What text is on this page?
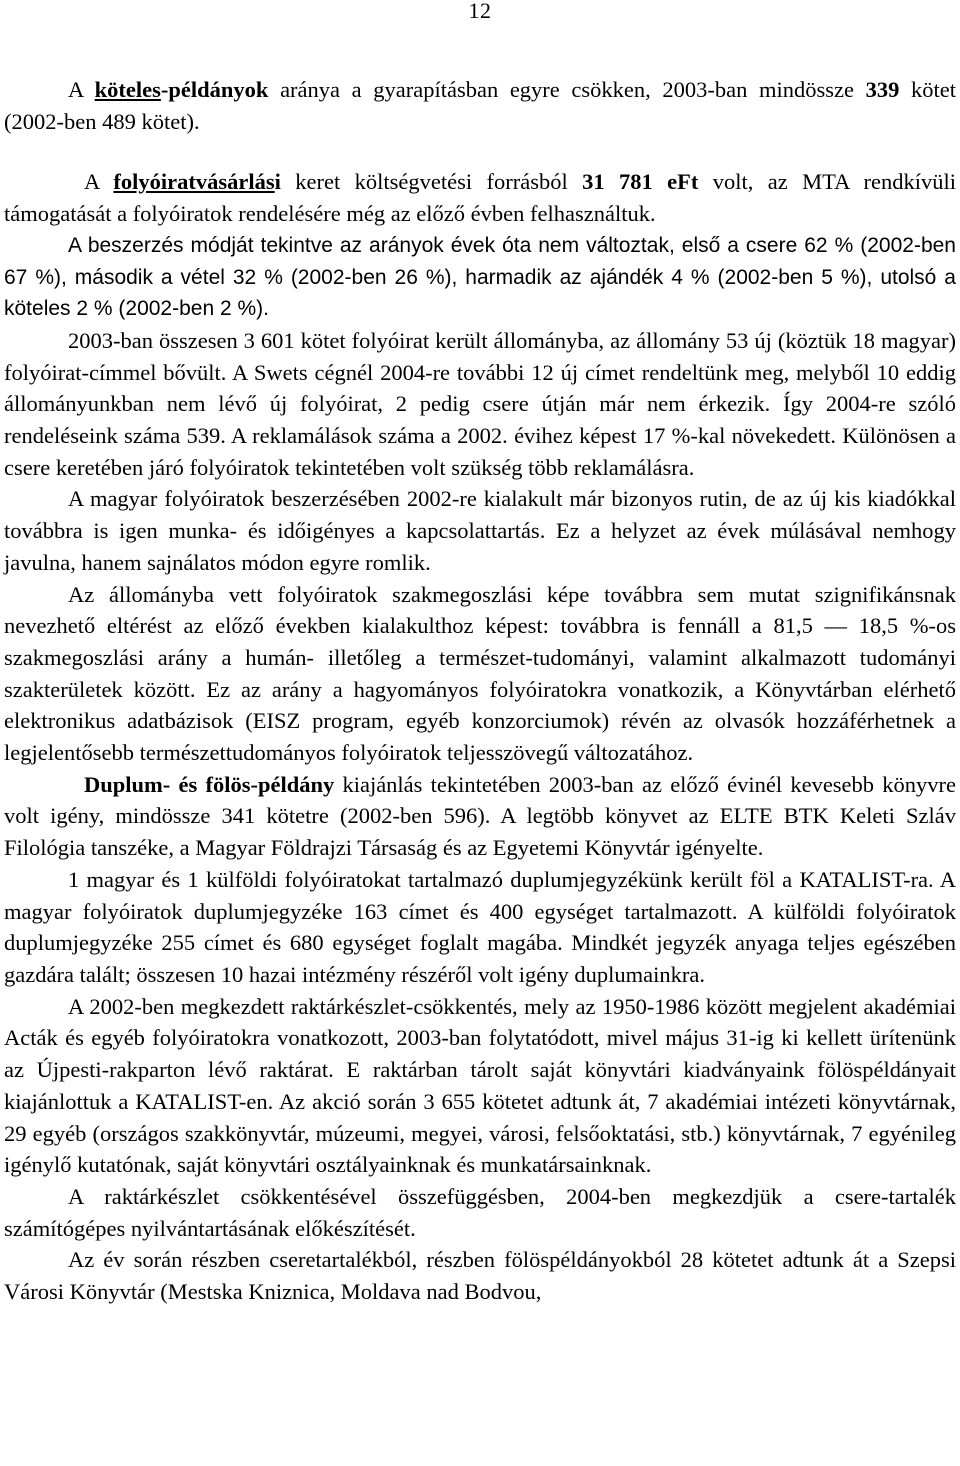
12

A köteles-példányok aránya a gyarapításban egyre csökken, 2003-ban mindössze 339 kötet (2002-ben 489 kötet).

A folyóiratvásárlási keret költségvetési forrásból 31 781 eFt volt, az MTA rendkívüli támogatását a folyóiratok rendelésére még az előző évben felhasználtuk.

A beszerzés módját tekintve az arányok évek óta nem változtak, első a csere 62 % (2002-ben 67 %), második a vétel 32 % (2002-ben 26 %), harmadik az ajándék 4 % (2002-ben 5 %), utolsó a köteles 2 % (2002-ben 2 %).

2003-ban összesen 3 601 kötet folyóirat került állományba, az állomány 53 új (köztük 18 magyar) folyóirat-címmel bővült. A Swets cégnél 2004-re további 12 új címet rendeltünk meg, melyből 10 eddig állományunkban nem lévő új folyóirat, 2 pedig csere útján már nem érkezik. Így 2004-re szóló rendeléseink száma 539. A reklamálások száma a 2002. évihez képest 17 %-kal növekedett. Különösen a csere keretében járó folyóiratok tekintetében volt szükség több reklamálásra.

A magyar folyóiratok beszerzésében 2002-re kialakult már bizonyos rutin, de az új kis kiadókkal továbbra is igen munka- és időigényes a kapcsolattartás. Ez a helyzet az évek múlásával nemhogy javulna, hanem sajnálatos módon egyre romlik.

Az állományba vett folyóiratok szakmegoszlási képe továbbra sem mutat szignifikánsnak nevezhető eltérést az előző években kialakulthoz képest: továbbra is fennáll a 81,5 — 18,5 %-os szakmegoszlási arány a humán- illetőleg a természet-tudományi, valamint alkalmazott tudományi szakterületek között. Ez az arány a hagyományos folyóiratokra vonatkozik, a Könyvtárban elérhető elektronikus adatbázisok (EISZ program, egyéb konzorciumok) révén az olvasók hozzáférhetnek a legjelentősebb természettudományos folyóiratok teljesszövegű változatához.

Duplum- és fölös-példány kiajánlás tekintetében 2003-ban az előző évinél kevesebb könyvre volt igény, mindössze 341 kötetre (2002-ben 596). A legtöbb könyvet az ELTE BTK Keleti Szláv Filológia tanszéke, a Magyar Földrajzi Társaság és az Egyetemi Könyvtár igényelte.

1 magyar és 1 külföldi folyóiratokat tartalmazó duplumjegyzékünk került föl a KATALIST-ra. A magyar folyóiratok duplumjegyzéke 163 címet és 400 egységet tartalmazott. A külföldi folyóiratok duplumjegyzéke 255 címet és 680 egységet foglalt magába. Mindkét jegyzék anyaga teljes egészében gazdára talált; összesen 10 hazai intézmény részéről volt igény duplumainkra.

A 2002-ben megkezdett raktárkészlet-csökkentés, mely az 1950-1986 között megjelent akadémiai Acták és egyéb folyóiratokra vonatkozott, 2003-ban folytatódott, mivel május 31-ig ki kellett ürítenünk az Újpesti-rakparton lévő raktárat. E raktárban tárolt saját könyvtári kiadványaink fölöspéldányait kiajánlottuk a KATALIST-en. Az akció során 3 655 kötetet adtunk át, 7 akadémiai intézeti könyvtárnak, 29 egyéb (országos szakkönyvtár, múzeumi, megyei, városi, felsőoktatási, stb.) könyvtárnak, 7 egyénileg igénylő kutatónak, saját könyvtári osztályainknak és munkatársainknak.

A raktárkészlet csökkentésével összefüggésben, 2004-ben megkezdjük a csere-tartalék számítógépes nyilvántartásának előkészítését.

Az év során részben cseretartalékból, részben fölöspéldányokból 28 kötetet adtunk át a Szepsi Városi Könyvtár (Mestska Kniznica, Moldava nad Bodvou,
